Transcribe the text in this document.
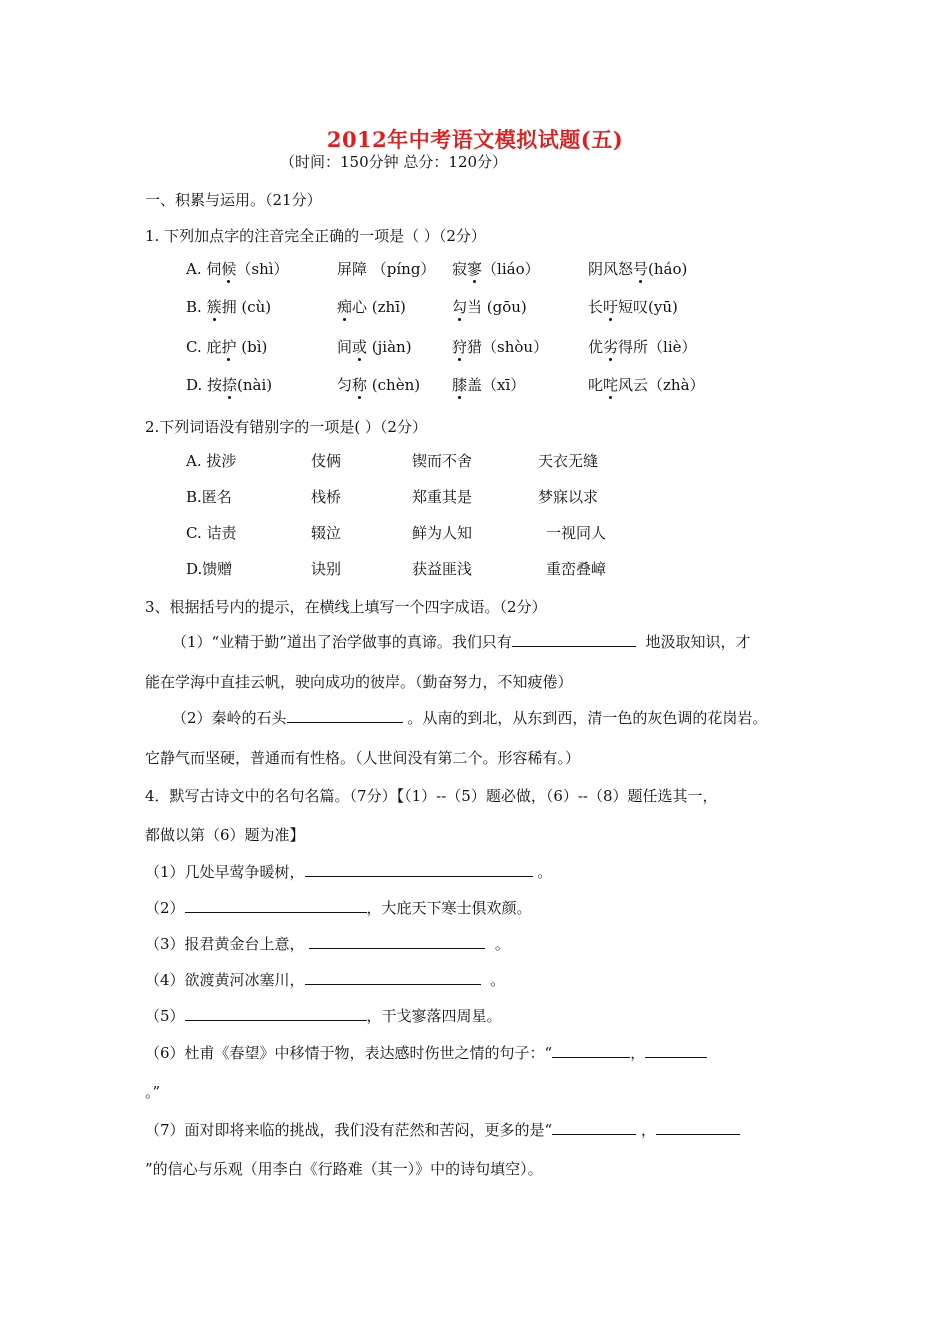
2012年中考语文模拟试题(五)
（时间：150分钟 总分：120分）
一、积累与运用。（21分）
1. 下列加点字的注音完全正确的一项是（ ）（2分）
A. 伺候（shì）	屏障 （píng） 寂寥（liáo）	阴风怒号(háo)
B. 簇拥 (cù)	痴心 (zhī)	勾当 (gōu)	长吁短叹(yū)
C. 庇护 (bì)	间或 (jiàn)	狩猎（shòu）	优劣得所（liè）
D. 按捺(nài)	匀称 (chèn) 膝盖（xī）	叱咤风云（zhà）
2.下列词语没有错别字的一项是( ）（2分）
A. 拔涉	伎俩	锲而不舍	天衣无缝
B.匿名	栈桥	郑重其是	梦寐以求
C. 诘责	辍泣	鲜为人知	一视同人
D.馈赠	诀别	获益匪浅	重峦叠嶂
3、根据括号内的提示，在横线上填写一个四字成语。（2分）
（1）“业精于勤”道出了治学做事的真谛。我们只有	地汲取知识，才
能在学海中直挂云帆，驶向成功的彼岸。（勤奋努力，不知疲倦）
（2）秦岭的石头	。从南的到北，从东到西，清一色的灰色调的花岗岩。
它静气而坚硬，普通而有性格。（人世间没有第二个。形容稀有。）
4．默写古诗文中的名句名篇。（7分）【（1）--（5）题必做，（6）--（8）题任选其一，
都做以第（6）题为准】
（1）几处早莺争暖树，	。
（2）	，大庇天下寒士俱欢颜。
（3）报君黄金台上意，	。
（4）欲渡黄河冰塞川，	。
（5）	，干戈寥落四周星。
（6）杜甫《春望》中移情于物，表达感时伤世之情的句子：“	，
。”
（7）面对即将来临的挑战，我们没有茫然和苦闷，更多的是“	，
”的信心与乐观（用李白《行路难（其一）》中的诗句填空）。
